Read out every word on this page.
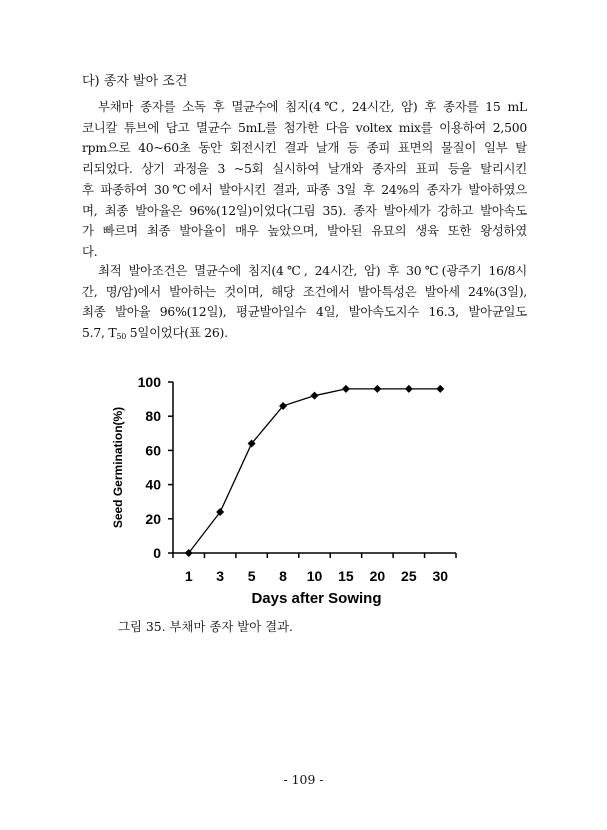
다) 종자 발아 조건
부채마 종자를 소독 후 멸균수에 침지(4℃, 24시간, 암) 후 종자를 15 mL
코니칼 튜브에 담고 멸균수 5mL를 첨가한 다음 voltex mix를 이용하여 2,500
rpm으로 40~60초 동안 회전시킨 결과 날개 등 종피 표면의 물질이 일부 탈
리되었다. 상기 과정을 3 ~5회 실시하여 날개와 종자의 표피 등을 탈리시킨
후 파종하여 30℃에서 발아시킨 결과, 파종 3일 후 24%의 종자가 발아하였으
며, 최종 발아율은 96%(12일)이었다(그림 35). 종자 발아세가 강하고 발아속도
가 빠르며 최종 발아율이 매우 높았으며, 발아된 유묘의 생육 또한 왕성하였
다.
최적 발아조건은 멸균수에 침지(4℃, 24시간, 암) 후 30℃(광주기 16/8시
간, 명/암)에서 발아하는 것이며, 해당 조건에서 발아특성은 발아세 24%(3일),
최종 발아율 96%(12일), 평균발아일수 4일, 발아속도지수 16.3, 발아균일도
5.7, $T_{50}$ 5일이었다(표 26).
0
20
40
60
80
100
1 3 5 8 10 15 20 25 30
Days after Sowing
Seed Germination(%)
그림 35. 부채마 종자 발아 결과.
- 109 -
